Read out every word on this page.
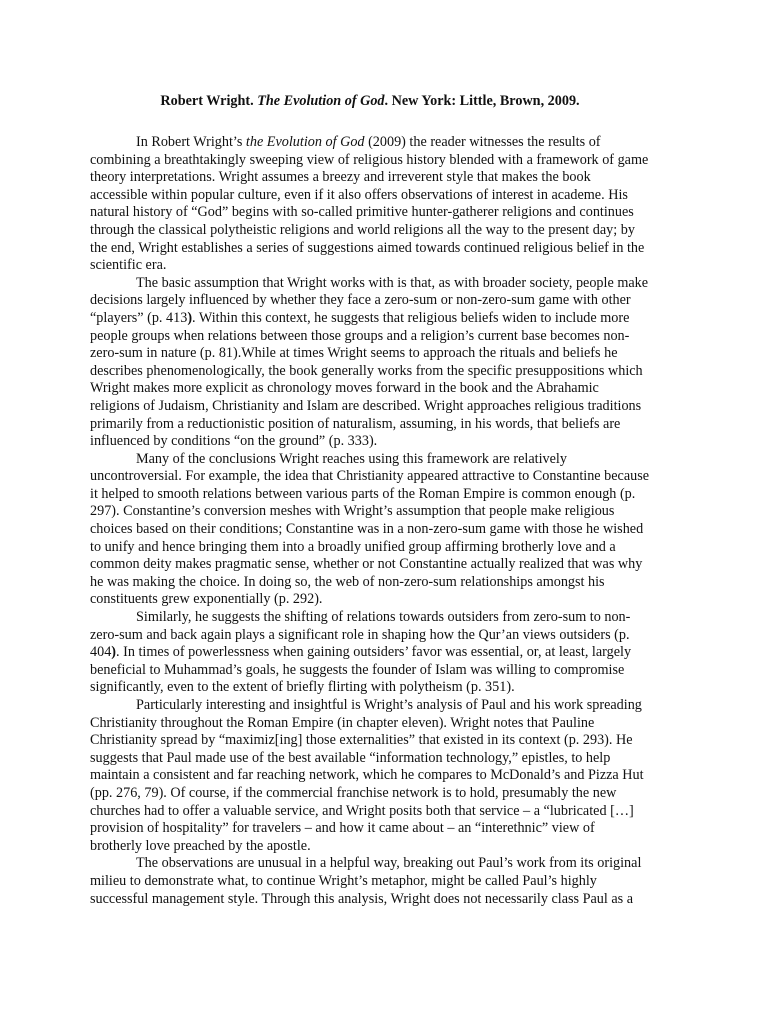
Robert Wright. The Evolution of God. New York: Little, Brown, 2009.

In Robert Wright’s the Evolution of God (2009) the reader witnesses the results of combining a breathtakingly sweeping view of religious history blended with a framework of game theory interpretations. Wright assumes a breezy and irreverent style that makes the book accessible within popular culture, even if it also offers observations of interest in academe. His natural history of “God” begins with so-called primitive hunter-gatherer religions and continues through the classical polytheistic religions and world religions all the way to the present day; by the end, Wright establishes a series of suggestions aimed towards continued religious belief in the scientific era.

The basic assumption that Wright works with is that, as with broader society, people make decisions largely influenced by whether they face a zero-sum or non-zero-sum game with other “players” (p. 413). Within this context, he suggests that religious beliefs widen to include more people groups when relations between those groups and a religion’s current base becomes non-zero-sum in nature (p. 81).While at times Wright seems to approach the rituals and beliefs he describes phenomenologically, the book generally works from the specific presuppositions which Wright makes more explicit as chronology moves forward in the book and the Abrahamic religions of Judaism, Christianity and Islam are described. Wright approaches religious traditions primarily from a reductionistic position of naturalism, assuming, in his words, that beliefs are influenced by conditions “on the ground” (p. 333).

Many of the conclusions Wright reaches using this framework are relatively uncontroversial. For example, the idea that Christianity appeared attractive to Constantine because it helped to smooth relations between various parts of the Roman Empire is common enough (p. 297). Constantine’s conversion meshes with Wright’s assumption that people make religious choices based on their conditions; Constantine was in a non-zero-sum game with those he wished to unify and hence bringing them into a broadly unified group affirming brotherly love and a common deity makes pragmatic sense, whether or not Constantine actually realized that was why he was making the choice. In doing so, the web of non-zero-sum relationships amongst his constituents grew exponentially (p. 292).

Similarly, he suggests the shifting of relations towards outsiders from zero-sum to non-zero-sum and back again plays a significant role in shaping how the Qur’an views outsiders (p. 404). In times of powerlessness when gaining outsiders’ favor was essential, or, at least, largely beneficial to Muhammad’s goals, he suggests the founder of Islam was willing to compromise significantly, even to the extent of briefly flirting with polytheism (p. 351).

Particularly interesting and insightful is Wright’s analysis of Paul and his work spreading Christianity throughout the Roman Empire (in chapter eleven). Wright notes that Pauline Christianity spread by “maximiz[ing] those externalities” that existed in its context (p. 293). He suggests that Paul made use of the best available “information technology,” epistles, to help maintain a consistent and far reaching network, which he compares to McDonald’s and Pizza Hut (pp. 276, 79). Of course, if the commercial franchise network is to hold, presumably the new churches had to offer a valuable service, and Wright posits both that service – a “lubricated […] provision of hospitality” for travelers – and how it came about – an “interethnic” view of brotherly love preached by the apostle.

The observations are unusual in a helpful way, breaking out Paul’s work from its original milieu to demonstrate what, to continue Wright’s metaphor, might be called Paul’s highly successful management style. Through this analysis, Wright does not necessarily class Paul as a
